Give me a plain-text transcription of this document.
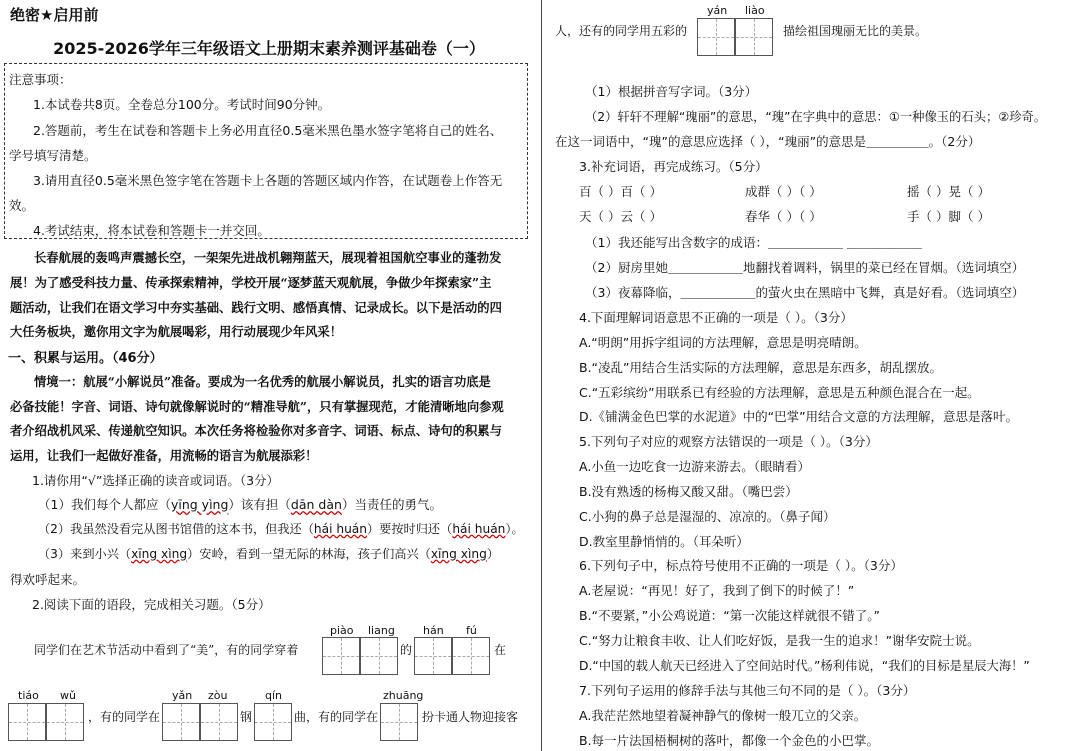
绝密★启用前
2025-2026学年三年级语文上册期末素养测评基础卷（一）
注意事项：
1.本试卷共8页。全卷总分100分。考试时间90分钟。
2.答题前，考生在试卷和答题卡上务必用直径0.5毫米黑色墨水签字笔将自己的姓名、
学号填写清楚。
3.请用直径0.5毫米黑色签字笔在答题卡上各题的答题区域内作答，在试题卷上作答无
效。
4.考试结束，将本试卷和答题卡一并交回。
长春航展的轰鸣声震撼长空，一架架先进战机翱翔蓝天，展现着祖国航空事业的蓬勃发
展！为了感受科技力量、传承探索精神，学校开展“逐梦蓝天观航展，争做少年探索家”主
题活动，让我们在语文学习中夯实基础、践行文明、感悟真情、记录成长。以下是活动的四
大任务板块，邀你用文字为航展喝彩，用行动展现少年风采！
一、积累与运用。（46分）
情境一：航展“小解说员”准备。要成为一名优秀的航展小解说员，扎实的语言功底是
必备技能！字音、词语、诗句就像解说时的“精准导航”，只有掌握现范，才能清晰地向参观
者介绍战机风采、传递航空知识。本次任务将检验你对多音字、词语、标点、诗句的积累与
运用，让我们一起做好准备，用流畅的语言为航展添彩！
1.请你用“√”选择正确的读音或词语。（3分）
（1）我们每个人都应（yīng yìng）该有担（dān dàn）当责任的勇气。
（2）我虽然没看完从图书馆借的这本书，但我还（hái huán）要按时归还（hái huán）。
（3）来到小兴（xīng xìng）安岭，看到一望无际的林海，孩子们高兴（xīng xìng）
得欢呼起来。
2.阅读下面的语段，完成相关习题。（5分）
piào liang	hán fú
同学们在艺术节活动中看到了“美”，有的同学穿着	的	在
tiáo wǔ
，有的同学在
yǎn zòu
钢
qín
曲，有的同学在
zhuāng
扮卡通人物迎接客
yán liào
人，还有的同学用五彩的	描绘祖国瑰丽无比的美景。
（1）根据拼音写字词。（3分）
（2）轩轩不理解“瑰丽”的意思，“瑰”在字典中的意思：①一种像玉的石头；②珍奇。
在这一词语中，“瑰”的意思应选择（ ），“瑰丽”的意思是＿＿＿＿＿。（2分）
3.补充词语，再完成练习。（5分）
百（ ）百（ ）	成群（ ）（ ）	摇（ ）晃（ ）
天（ ）云（ ）	春华（ ）（ ）	手（ ）脚（ ）
（1）我还能写出含数字的成语：＿＿＿＿＿＿ ＿＿＿＿＿＿
（2）厨房里她＿＿＿＿＿＿地翻找着调料，锅里的菜已经在冒烟。（选词填空）
（3）夜幕降临，＿＿＿＿＿＿的萤火虫在黑暗中飞舞，真是好看。（选词填空）
4.下面理解词语意思不正确的一项是（ ）。（3分）
A.“明朗”用拆字组词的方法理解，意思是明亮晴朗。
B.“凌乱”用结合生活实际的方法理解，意思是东西多，胡乱摆放。
C.“五彩缤纷”用联系已有经验的方法理解，意思是五种颜色混合在一起。
D.《铺满金色巴掌的水泥道》中的“巴掌”用结合文意的方法理解，意思是落叶。
5.下列句子对应的观察方法错误的一项是（ ）。（3分）
A.小鱼一边吃食一边游来游去。（眼睛看）
B.没有熟透的杨梅又酸又甜。（嘴巴尝）
C.小狗的鼻子总是湿湿的、凉凉的。（鼻子闻）
D.教室里静悄悄的。（耳朵听）
6.下列句子中，标点符号使用不正确的一项是（ ）。（3分）
A.老屋说：“再见！好了，我到了倒下的时候了！”
B.“不要紧，”小公鸡说道：“第一次能这样就很不错了。”
C.“努力让粮食丰收、让人们吃好饭，是我一生的追求！”谢华安院士说。
D.“中国的载人航天已经进入了空间站时代。”杨利伟说，“我们的目标是星辰大海！”
7.下列句子运用的修辞手法与其他三句不同的是（ ）。（3分）
A.我茫茫然地望着凝神静气的像树一般兀立的父亲。
B.每一片法国梧桐树的落叶，都像一个金色的小巴掌。
